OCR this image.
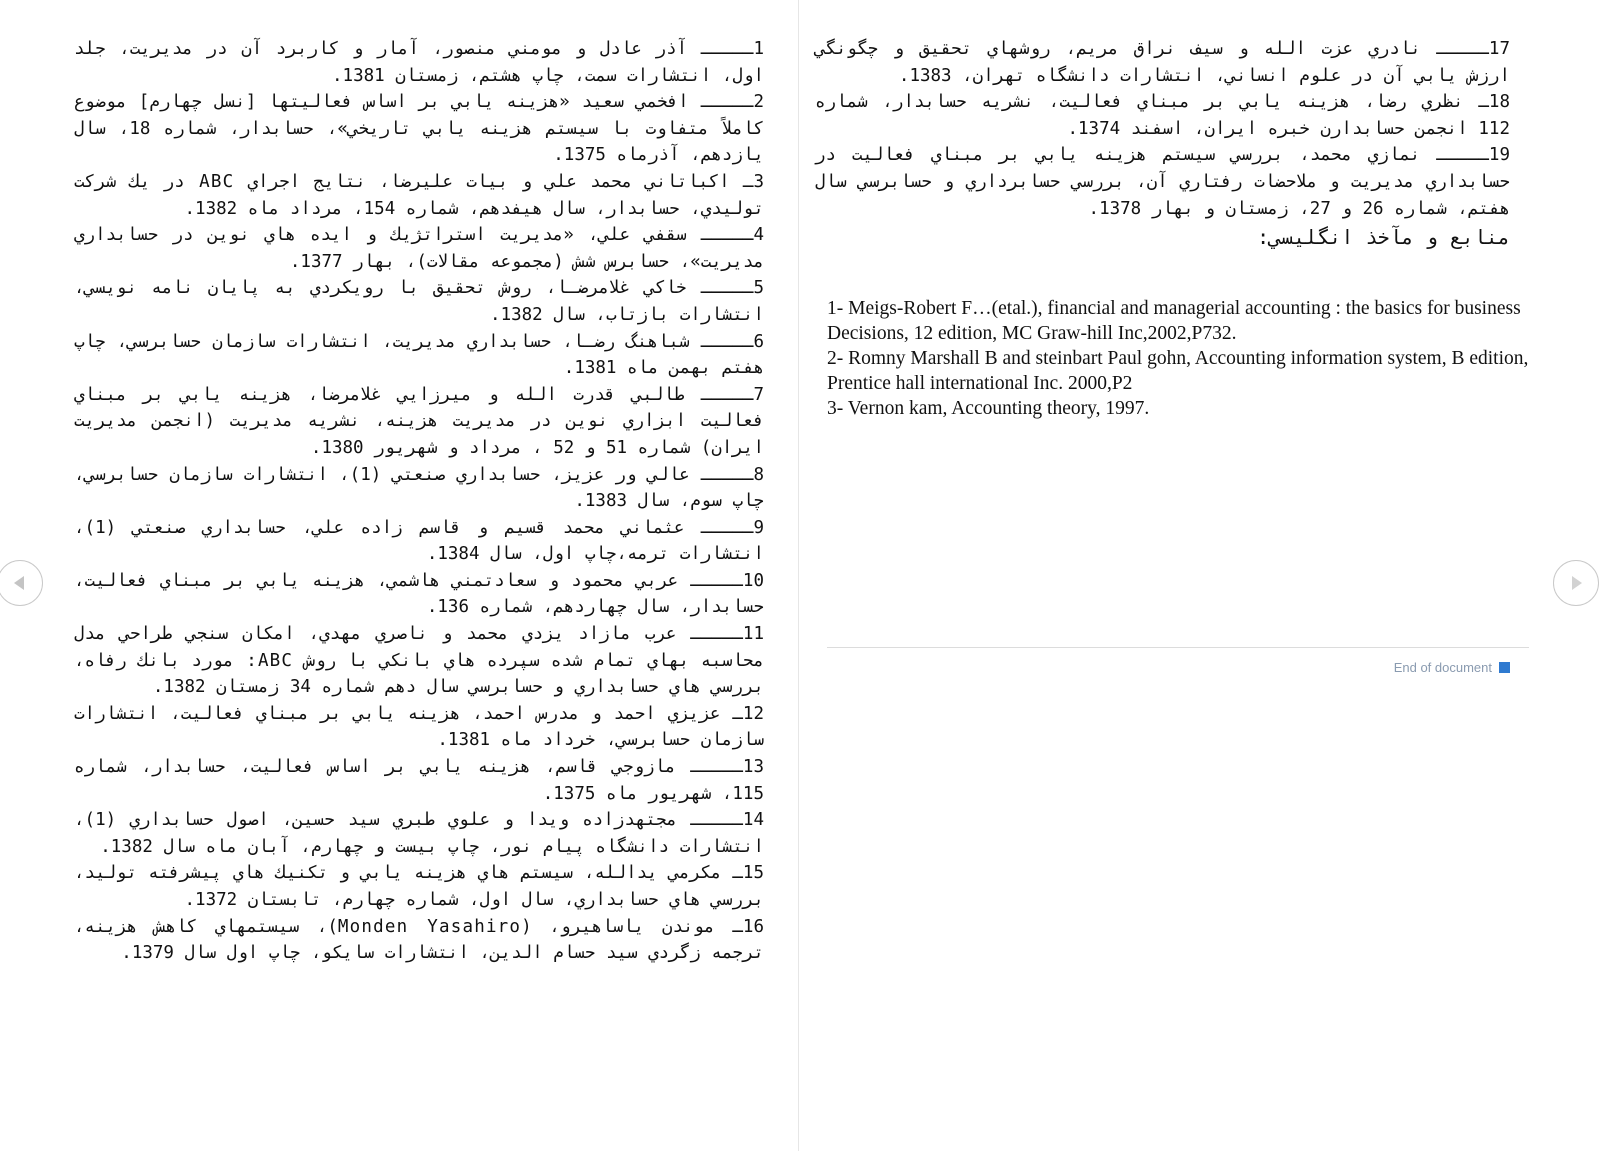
1ـــــ آذر عادل و مومني منصور، آمار و كاربرد آن در مديريت، جلد اول، انتشارات سمت، چاپ هشتم، زمستان 1381.

2ـــــ افخمي سعيد «هزينه يابي بر اساس فعاليتها [نسل چهارم] موضوع كاملاً متفاوت با سيستم هزينه يابي تاريخي»، حسابدار، شماره 18، سال يازدهم، آذرماه 1375.

3ـ اكباتاني محمد علي و بيات عليرضا، نتايج اجراي ABC در يك شركت توليدي، حسابدار، سال هيفدهم، شماره 154، مرداد ماه 1382.

4ـــــ سقفي علي، «مديريت استراتژيك و ايده هاي نوين در حسابداري مديريت»، حسابرس شش (مجموعه مقالات)، بهار 1377.

5ـــــ خاكي غلامرضـا، روش تحقيق با رويكردي به پايان نامه نويسي، انتشارات بازتاب، سال 1382.

6ـــــ شباهنگ رضـا، حسابداري مديريت، انتشارات سازمان حسابرسي، چاپ هفتم بهمن ماه 1381.

7ـــــ طالبي قدرت الله و ميرزايي غلامرضا، هزينه يابي بر مبناي فعاليت ابزاري نوين در مديريت هزينه، نشريه مديريت (انجمن مديريت ايران) شماره 51 و 52 ، مرداد و شهريور 1380.

8ـــــ عالي ور عزيز، حسابداري صنعتي (1)، انتشارات سازمان حسابرسي، چاپ سوم، سال 1383.

9ـــــ عثماني محمد قسيم و قاسم زاده علي، حسابداري صنعتي (1)، انتشارات ترمه،چاپ اول، سال 1384.

10ـــــ عربي محمود و سعادتمني هاشمي، هزينه يابي بر مبناي فعاليت، حسابدار، سال چهاردهم، شماره 136.

11ـــــ عرب مازاد يزدي محمد و ناصري مهدي، امكان سنجي طراحي مدل محاسبه بهاي تمام شده سپرده هاي بانكي با روش ABC: مورد بانك رفاه، بررسي هاي حسابداري و حسابرسي سال دهم شماره 34 زمستان 1382.

12ـ عزيزي احمد و مدرس احمد، هزينه يابي بر مبناي فعاليت، انتشارات سازمان حسابرسي، خرداد ماه 1381.

13ـــــ مازوجي قاسم، هزينه يابي بر اساس فعاليت، حسابدار، شماره 115، شهريور ماه 1375.

14ـــــ مجتهدزاده ويدا و علوي طبري سيد حسين، اصول حسابداري (1)، انتشارات دانشگاه پيام نور، چاپ بيست و چهارم، آبان ماه سال 1382.

15ـ مكرمي يدالله، سيستم هاي هزينه يابي و تكنيك هاي پيشرفته توليد، بررسي هاي حسابداري، سال اول، شماره چهارم، تابستان 1372.

16ـ موندن ياساهيرو، (Monden Yasahiro)، سيستمهاي كاهش هزينه، ترجمه زگردي سيد حسام الدين، انتشارات سايكو، چاپ اول سال 1379.

17ـــــ نادري عزت الله و سيف نراق مريم، روشهاي تحقيق و چگونگي ارزش يابي آن در علوم انساني، انتشارات دانشگاه تهران، 1383.

18ـ نظري رضا، هزينه يابي بر مبناي فعاليت، نشريه حسابدار، شماره 112 انجمن حسابدارن خبره ايران، اسفند 1374.

19ـــــ نمازي محمد، بررسي سيستم هزينه يابي بر مبناي فعاليت در حسابداري مديريت و ملاحضات رفتاري آن، بررسي حسابرداري و حسابرسي سال هفتم، شماره 26 و 27، زمستان و بهار 1378.

منابع و مآخذ انگليسي:

1- Meigs-Robert F…(etal.), financial and managerial accounting : the basics for business Decisions, 12 edition, MC Graw-hill Inc,2002,P732.

2- Romny Marshall B and steinbart Paul gohn, Accounting information system, B edition, Prentice hall international Inc. 2000,P2

3- Vernon kam, Accounting theory, 1997.

End of document
